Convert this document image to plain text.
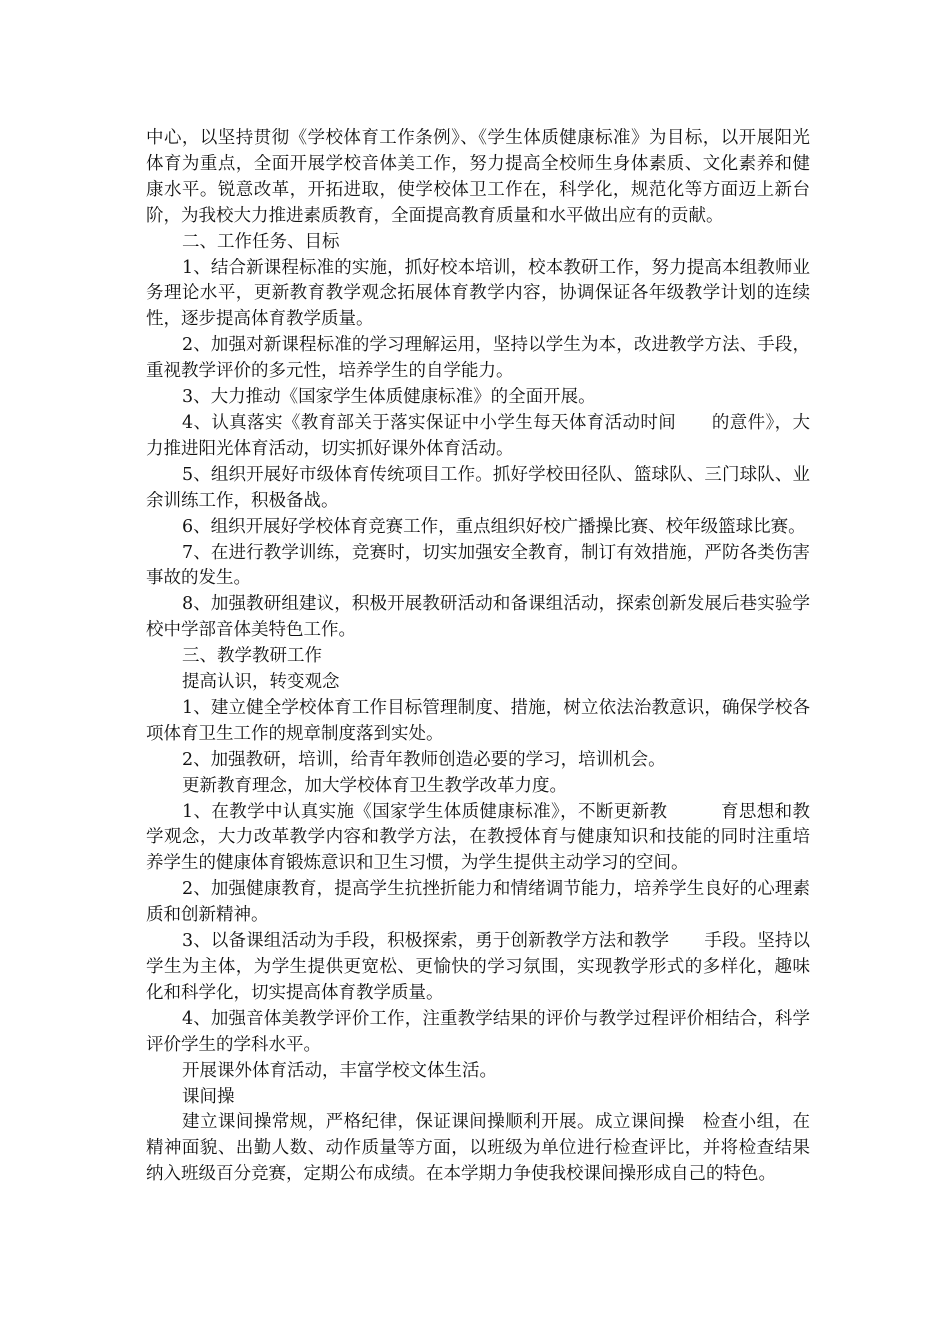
中心，以坚持贯彻《学校体育工作条例》、《学生体质健康标准》为目标，以开展阳光体育为重点，全面开展学校音体美工作，努力提高全校师生身体素质、文化素养和健康水平。锐意改革，开拓进取，使学校体卫工作在，科学化，规范化等方面迈上新台阶，为我校大力推进素质教育，全面提高教育质量和水平做出应有的贡献。

二、工作任务、目标

1、结合新课程标准的实施，抓好校本培训，校本教研工作，努力提高本组教师业务理论水平，更新教育教学观念拓展体育教学内容，协调保证各年级教学计划的连续性，逐步提高体育教学质量。

2、加强对新课程标准的学习理解运用，坚持以学生为本，改进教学方法、手段，重视教学评价的多元性，培养学生的自学能力。

3、大力推动《国家学生体质健康标准》的全面开展。

4、认真落实《教育部关于落实保证中小学生每天体育活动时间　　的意件》，大力推进阳光体育活动，切实抓好课外体育活动。

5、组织开展好市级体育传统项目工作。抓好学校田径队、篮球队、三门球队、业余训练工作，积极备战。

6、组织开展好学校体育竞赛工作，重点组织好校广播操比赛、校年级篮球比赛。

7、在进行教学训练，竞赛时，切实加强安全教育，制订有效措施，严防各类伤害事故的发生。

8、加强教研组建议，积极开展教研活动和备课组活动，探索创新发展后巷实验学校中学部音体美特色工作。

三、教学教研工作

提高认识，转变观念

1、建立健全学校体育工作目标管理制度、措施，树立依法治教意识，确保学校各项体育卫生工作的规章制度落到实处。

2、加强教研，培训，给青年教师创造必要的学习，培训机会。

更新教育理念，加大学校体育卫生教学改革力度。

1、在教学中认真实施《国家学生体质健康标准》，不断更新教　　　育思想和教学观念，大力改革教学内容和教学方法，在教授体育与健康知识和技能的同时注重培养学生的健康体育锻炼意识和卫生习惯，为学生提供主动学习的空间。

2、加强健康教育，提高学生抗挫折能力和情绪调节能力，培养学生良好的心理素质和创新精神。

3、以备课组活动为手段，积极探索，勇于创新教学方法和教学　　手段。坚持以学生为主体，为学生提供更宽松、更愉快的学习氛围，实现教学形式的多样化，趣味化和科学化，切实提高体育教学质量。

4、加强音体美教学评价工作，注重教学结果的评价与教学过程评价相结合，科学评价学生的学科水平。

开展课外体育活动，丰富学校文体生活。

课间操

建立课间操常规，严格纪律，保证课间操顺利开展。成立课间操　检查小组，在精神面貌、出勤人数、动作质量等方面，以班级为单位进行检查评比，并将检查结果纳入班级百分竞赛，定期公布成绩。在本学期力争使我校课间操形成自己的特色。
